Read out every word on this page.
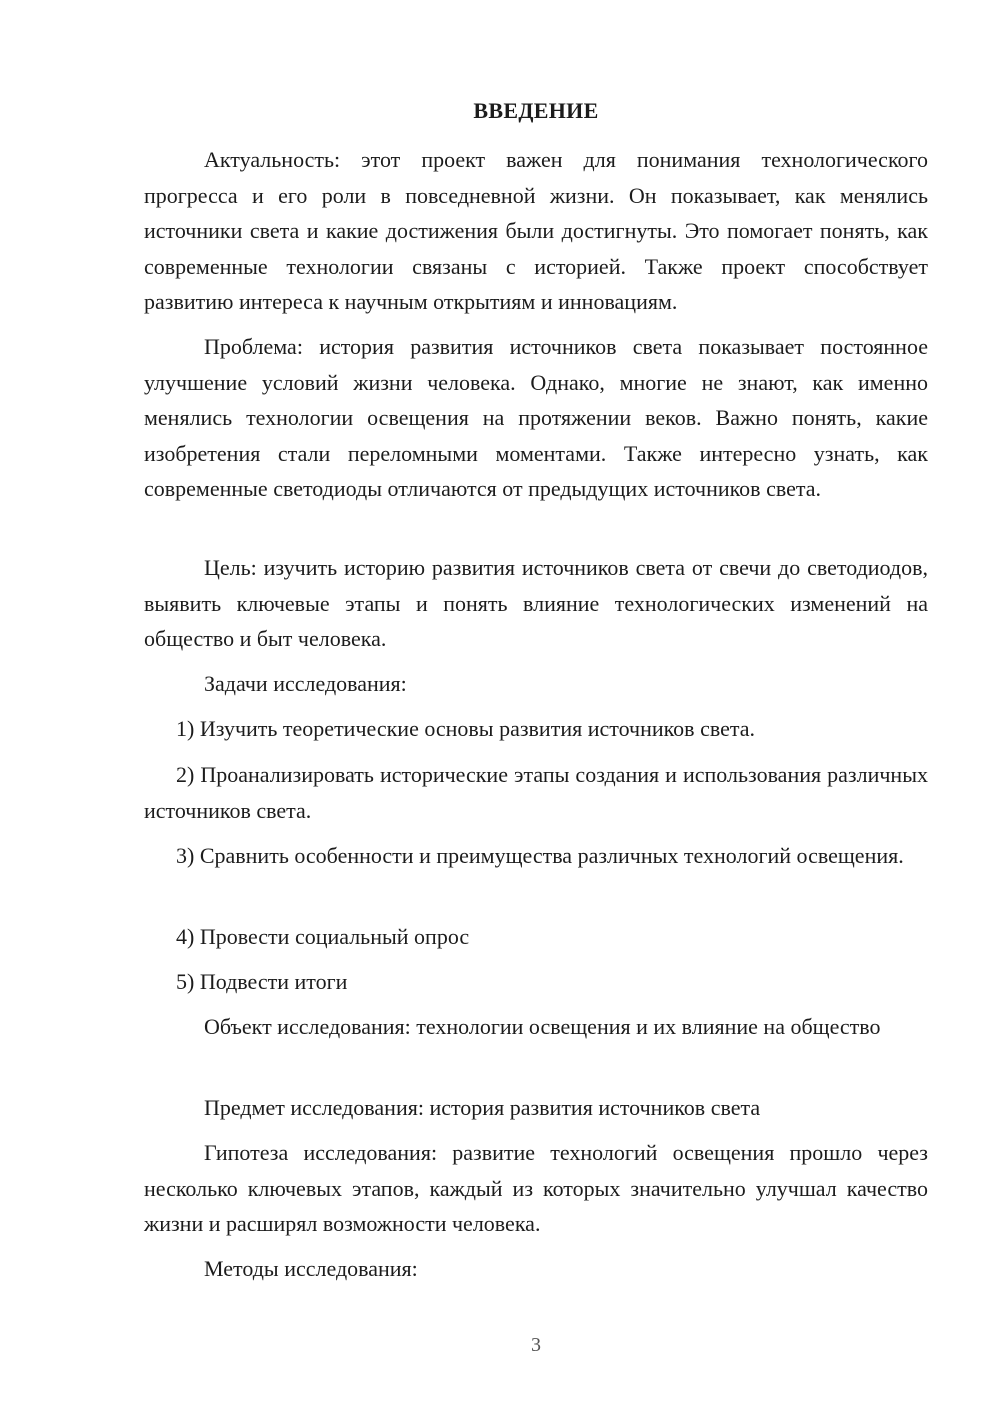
ВВЕДЕНИЕ
Актуальность: этот проект важен для понимания технологического прогресса и его роли в повседневной жизни. Он показывает, как менялись источники света и какие достижения были достигнуты. Это помогает понять, как современные технологии связаны с историей. Также проект способствует развитию интереса к научным открытиям и инновациям.
Проблема: история развития источников света показывает постоянное улучшение условий жизни человека. Однако, многие не знают, как именно менялись технологии освещения на протяжении веков. Важно понять, какие изобретения стали переломными моментами. Также интересно узнать, как современные светодиоды отличаются от предыдущих источников света.
Цель: изучить историю развития источников света от свечи до светодиодов, выявить ключевые этапы и понять влияние технологических изменений на общество и быт человека.
Задачи исследования:
1) Изучить теоретические основы развития источников света.
2) Проанализировать исторические этапы создания и использования различных источников света.
3) Сравнить особенности и преимущества различных технологий освещения.
4) Провести социальный опрос
5) Подвести итоги
Объект исследования: технологии освещения и их влияние на общество
Предмет исследования: история развития источников света
Гипотеза исследования: развитие технологий освещения прошло через несколько ключевых этапов, каждый из которых значительно улучшал качество жизни и расширял возможности человека.
Методы исследования:
3
